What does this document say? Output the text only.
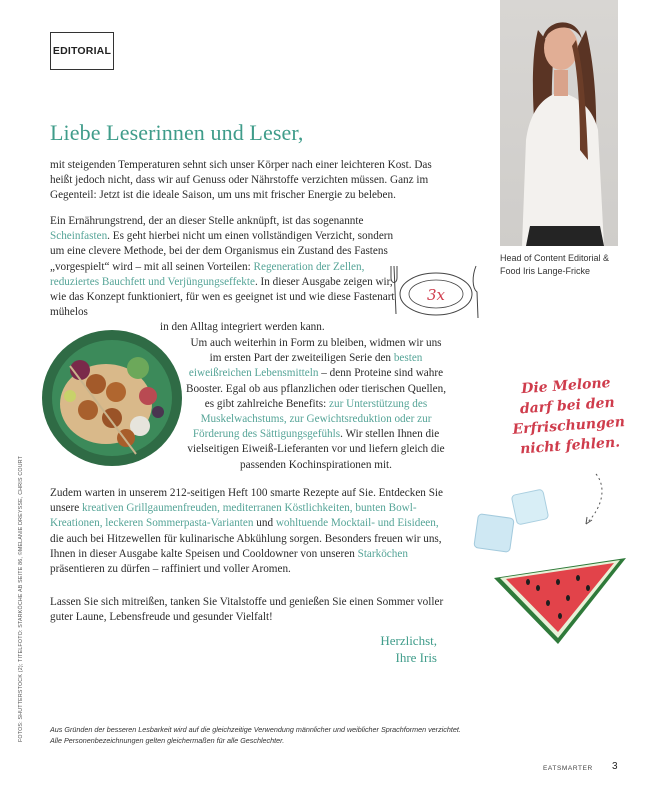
EDITORIAL
Head of Content Editorial & Food Iris Lange-Fricke
Liebe Leserinnen und Leser,

mit steigenden Temperaturen sehnt sich unser Körper nach einer leichteren Kost. Das heißt jedoch nicht, dass wir auf Genuss oder Nährstoffe verzichten müssen. Ganz im Gegenteil: Jetzt ist die ideale Saison, um uns mit frischer Energie zu beleben.

Ein Ernährungstrend, der an dieser Stelle anknüpft, ist das sogenannte Scheinfasten. Es geht hierbei nicht um einen vollständigen Verzicht, sondern um eine clevere Methode, bei der dem Organismus ein Zustand des Fastens „vorgespielt“ wird – mit all seinen Vorteilen: Regeneration der Zellen, reduziertes Bauchfett und Verjüngungseffekte. In dieser Ausgabe zeigen wir, wie das Konzept funktioniert, für wen es geeignet ist und wie diese Fastenart mühelos
in den Alltag integriert werden kann.

3x

Um auch weiterhin in Form zu bleiben, widmen wir uns im ersten Part der zweiteiligen Serie den besten eiweißreichen Lebensmitteln – denn Proteine sind wahre Booster. Egal ob aus pflanzlichen oder tierischen Quellen, es gibt zahlreiche Benefits: zur Unterstützung des Muskelwachstums, zur Gewichtsreduktion oder zur Förderung des Sättigungsgefühls. Wir stellen Ihnen die vielseitigen Eiweiß-Lieferanten vor und liefern gleich die passenden Kochinspirationen mit.

Zudem warten in unserem 212-seitigen Heft 100 smarte Rezepte auf Sie. Entdecken Sie unsere kreativen Grillgaumenfreuden, mediterranen Köstlichkeiten, bunten Bowl-Kreationen, leckeren Sommerpasta-Varianten und wohltuende Mocktail- und Eisideen, die auch bei Hitzewellen für kulinarische Abkühlung sorgen. Besonders freuen wir uns, Ihnen in dieser Ausgabe kalte Speisen und Cooldowner von unseren Starköchen präsentieren zu dürfen – raffiniert und voller Aromen.

Lassen Sie sich mitreißen, tanken Sie Vitalstoffe und genießen Sie einen Sommer voller guter Laune, Lebensfreude und gesunder Vielfalt!

Herzlichst,
Ihre Iris
Die Melone
darf bei den
Erfrischungen
nicht fehlen.
FOTOS: SHUTTERSTOCK (2); TITELFOTO: STARKÖCHE AB SEITE 86, ©MELANIE DREYSSE, CHRIS COURT	Aus Gründen der besseren Lesbarkeit wird auf die gleichzeitige Verwendung männlicher und weiblicher Sprachformen verzichtet.
Alle Personenbezeichnungen gelten gleichermaßen für alle Geschlechter.
EATSMARTER 3
